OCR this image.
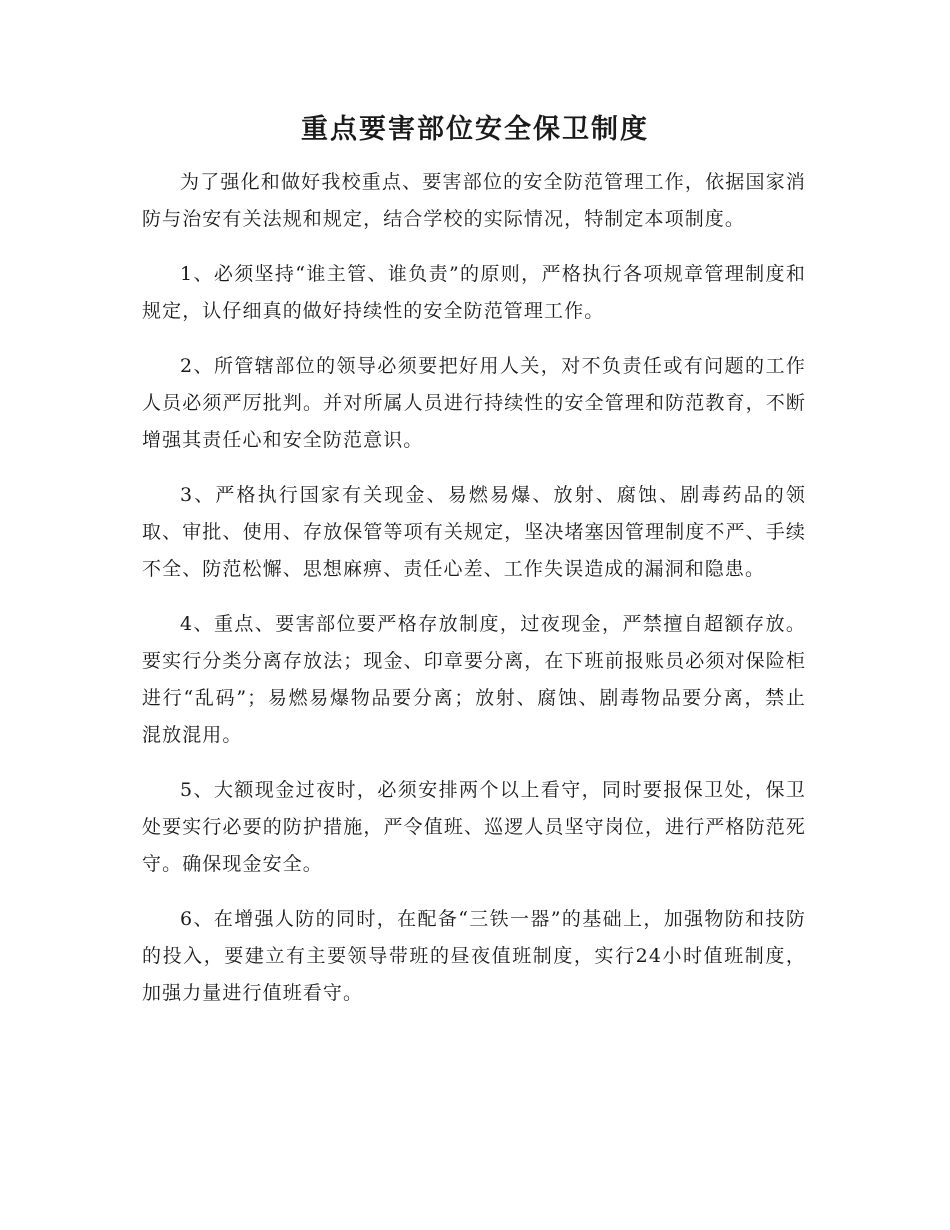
重点要害部位安全保卫制度

为了强化和做好我校重点、要害部位的安全防范管理工作，依据国家消防与治安有关法规和规定，结合学校的实际情况，特制定本项制度。

1、必须坚持“谁主管、谁负责”的原则，严格执行各项规章管理制度和规定，认仔细真的做好持续性的安全防范管理工作。

2、所管辖部位的领导必须要把好用人关，对不负责任或有问题的工作人员必须严厉批判。并对所属人员进行持续性的安全管理和防范教育，不断增强其责任心和安全防范意识。

3、严格执行国家有关现金、易燃易爆、放射、腐蚀、剧毒药品的领取、审批、使用、存放保管等项有关规定，坚决堵塞因管理制度不严、手续不全、防范松懈、思想麻痹、责任心差、工作失误造成的漏洞和隐患。

4、重点、要害部位要严格存放制度，过夜现金，严禁擅自超额存放。要实行分类分离存放法；现金、印章要分离，在下班前报账员必须对保险柜进行“乱码”；易燃易爆物品要分离；放射、腐蚀、剧毒物品要分离，禁止混放混用。

5、大额现金过夜时，必须安排两个以上看守，同时要报保卫处，保卫处要实行必要的防护措施，严令值班、巡逻人员坚守岗位，进行严格防范死守。确保现金安全。

6、在增强人防的同时，在配备“三铁一器”的基础上，加强物防和技防的投入，要建立有主要领导带班的昼夜值班制度，实行24小时值班制度，加强力量进行值班看守。
